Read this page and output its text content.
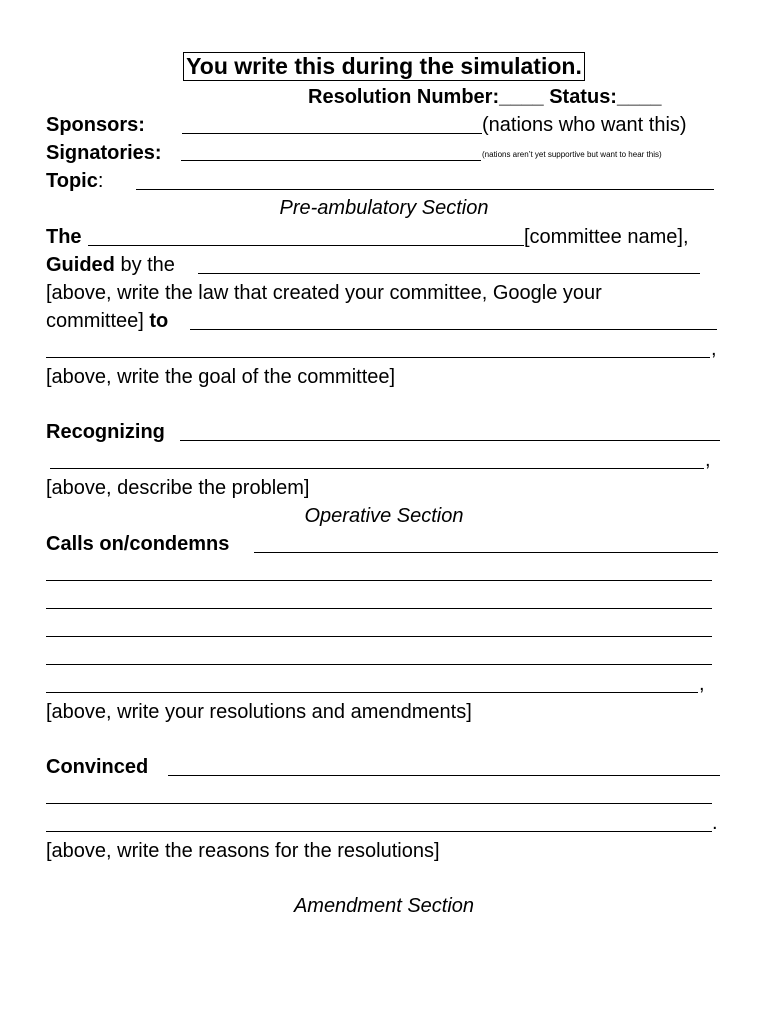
You write this during the simulation.
Resolution Number:____ Status:____
Sponsors:	(nations who want this)
Signatories:	(nations aren’t yet supportive but want to hear this)
Topic:
Pre-ambulatory Section
The	[committee name],
Guided by the
[above, write the law that created your committee, Google your
committee] to
,
[above, write the goal of the committee]
Recognizing
,
[above, describe the problem]
Operative Section
Calls on/condemns
,
[above, write your resolutions and amendments]
Convinced
.
[above, write the reasons for the resolutions]
Amendment Section
